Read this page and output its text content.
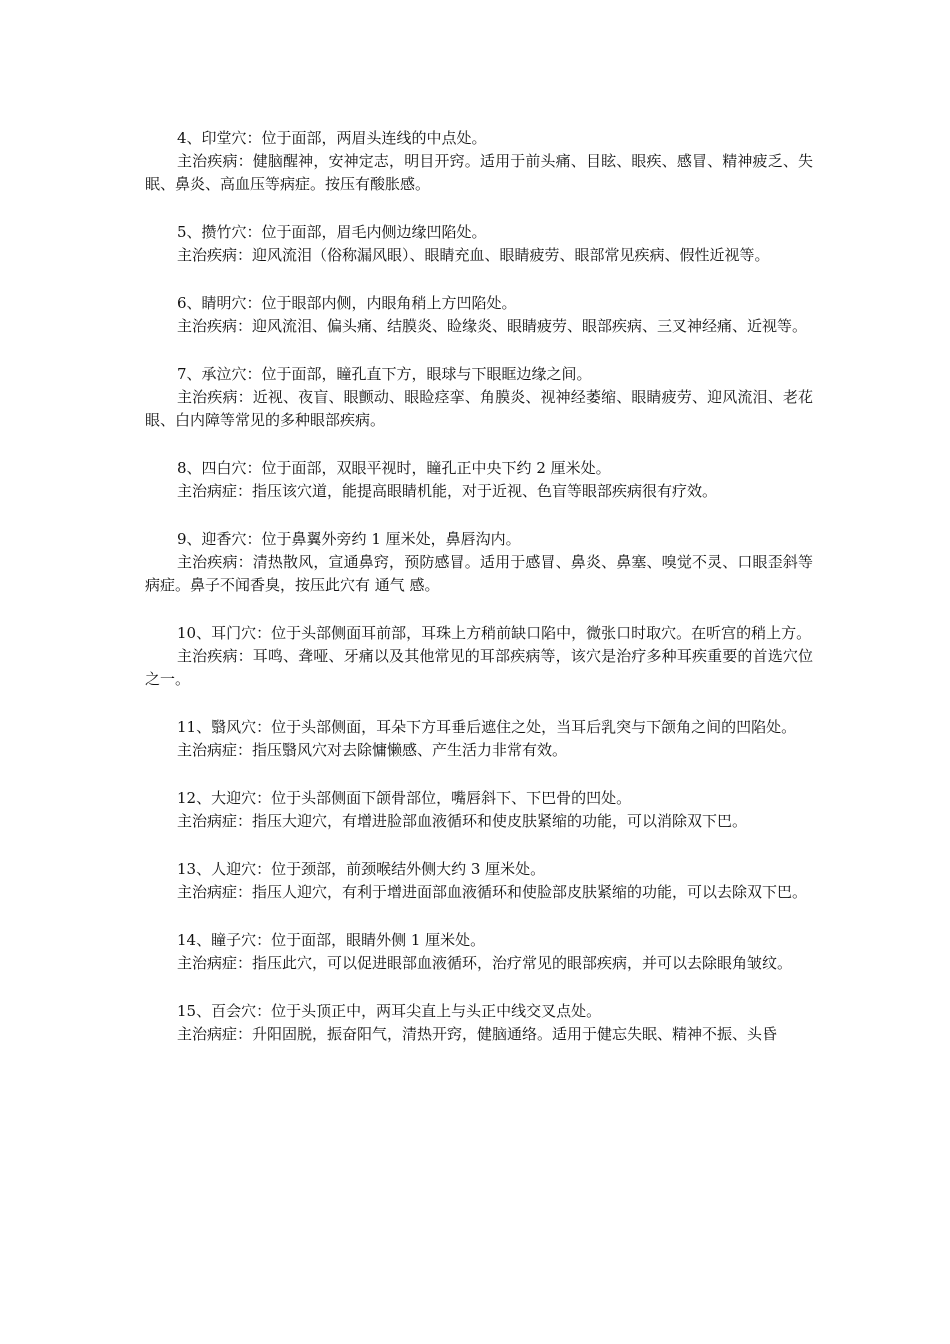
4、印堂穴：位于面部，两眉头连线的中点处。

主治疾病：健脑醒神，安神定志，明目开窍。适用于前头痛、目眩、眼疾、感冒、精神疲乏、失眠、鼻炎、高血压等病症。按压有酸胀感。

5、攒竹穴：位于面部，眉毛内侧边缘凹陷处。

主治疾病：迎风流泪（俗称漏风眼）、眼睛充血、眼睛疲劳、眼部常见疾病、假性近视等。

6、睛明穴：位于眼部内侧，内眼角稍上方凹陷处。

主治疾病：迎风流泪、偏头痛、结膜炎、睑缘炎、眼睛疲劳、眼部疾病、三叉神经痛、近视等。

7、承泣穴：位于面部，瞳孔直下方，眼球与下眼眶边缘之间。

主治疾病：近视、夜盲、眼颤动、眼睑痉挛、角膜炎、视神经萎缩、眼睛疲劳、迎风流泪、老花眼、白内障等常见的多种眼部疾病。

8、四白穴：位于面部，双眼平视时，瞳孔正中央下约 2 厘米处。

主治病症：指压该穴道，能提高眼睛机能，对于近视、色盲等眼部疾病很有疗效。

9、迎香穴：位于鼻翼外旁约 1 厘米处，鼻唇沟内。

主治疾病：清热散风，宣通鼻窍，预防感冒。适用于感冒、鼻炎、鼻塞、嗅觉不灵、口眼歪斜等病症。鼻子不闻香臭，按压此穴有 通气 感。

10、耳门穴：位于头部侧面耳前部，耳珠上方稍前缺口陷中，微张口时取穴。在听宫的稍上方。

主治疾病：耳鸣、聋哑、牙痛以及其他常见的耳部疾病等，该穴是治疗多种耳疾重要的首选穴位之一。

11、翳风穴：位于头部侧面，耳朵下方耳垂后遮住之处，当耳后乳突与下颌角之间的凹陷处。

主治病症：指压翳风穴对去除慵懒感、产生活力非常有效。

12、大迎穴：位于头部侧面下颌骨部位，嘴唇斜下、下巴骨的凹处。

主治病症：指压大迎穴，有增进脸部血液循环和使皮肤紧缩的功能，可以消除双下巴。

13、人迎穴：位于颈部，前颈喉结外侧大约 3 厘米处。

主治病症：指压人迎穴，有利于增进面部血液循环和使脸部皮肤紧缩的功能，可以去除双下巴。

14、瞳子穴：位于面部，眼睛外侧 1 厘米处。

主治病症：指压此穴，可以促进眼部血液循环，治疗常见的眼部疾病，并可以去除眼角皱纹。

15、百会穴：位于头顶正中，两耳尖直上与头正中线交叉点处。

主治病症：升阳固脱，振奋阳气，清热开窍，健脑通络。适用于健忘失眠、精神不振、头昏
